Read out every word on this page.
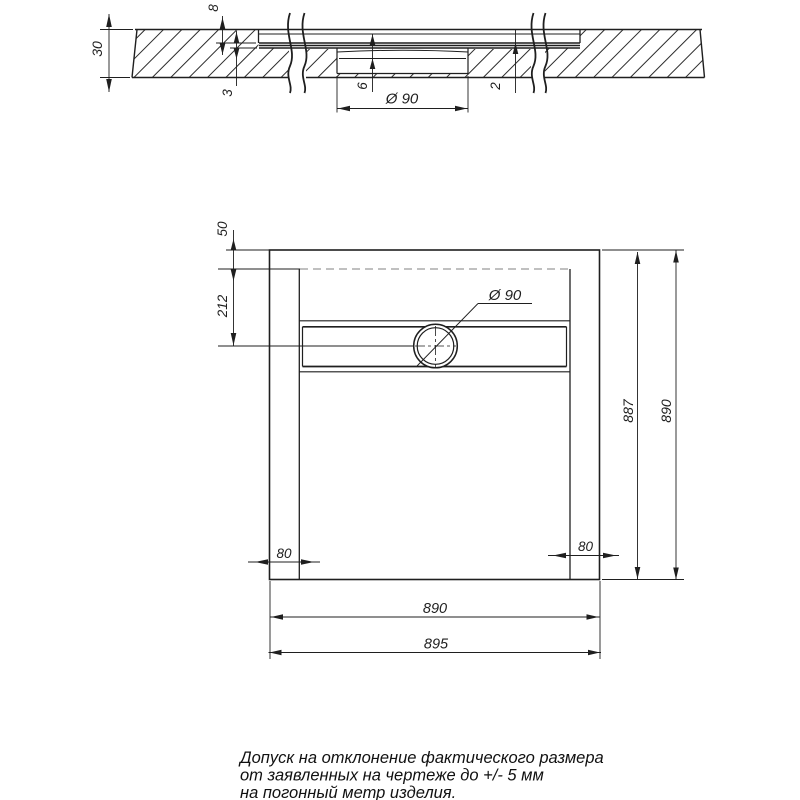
30
8
3
6	2
Ø 90
Ø 90
50
212
887 890
80	80
890
895
Допуск на отклонение фактического размера
от заявленных на чертеже до +/- 5 мм
на погонный метр изделия.
